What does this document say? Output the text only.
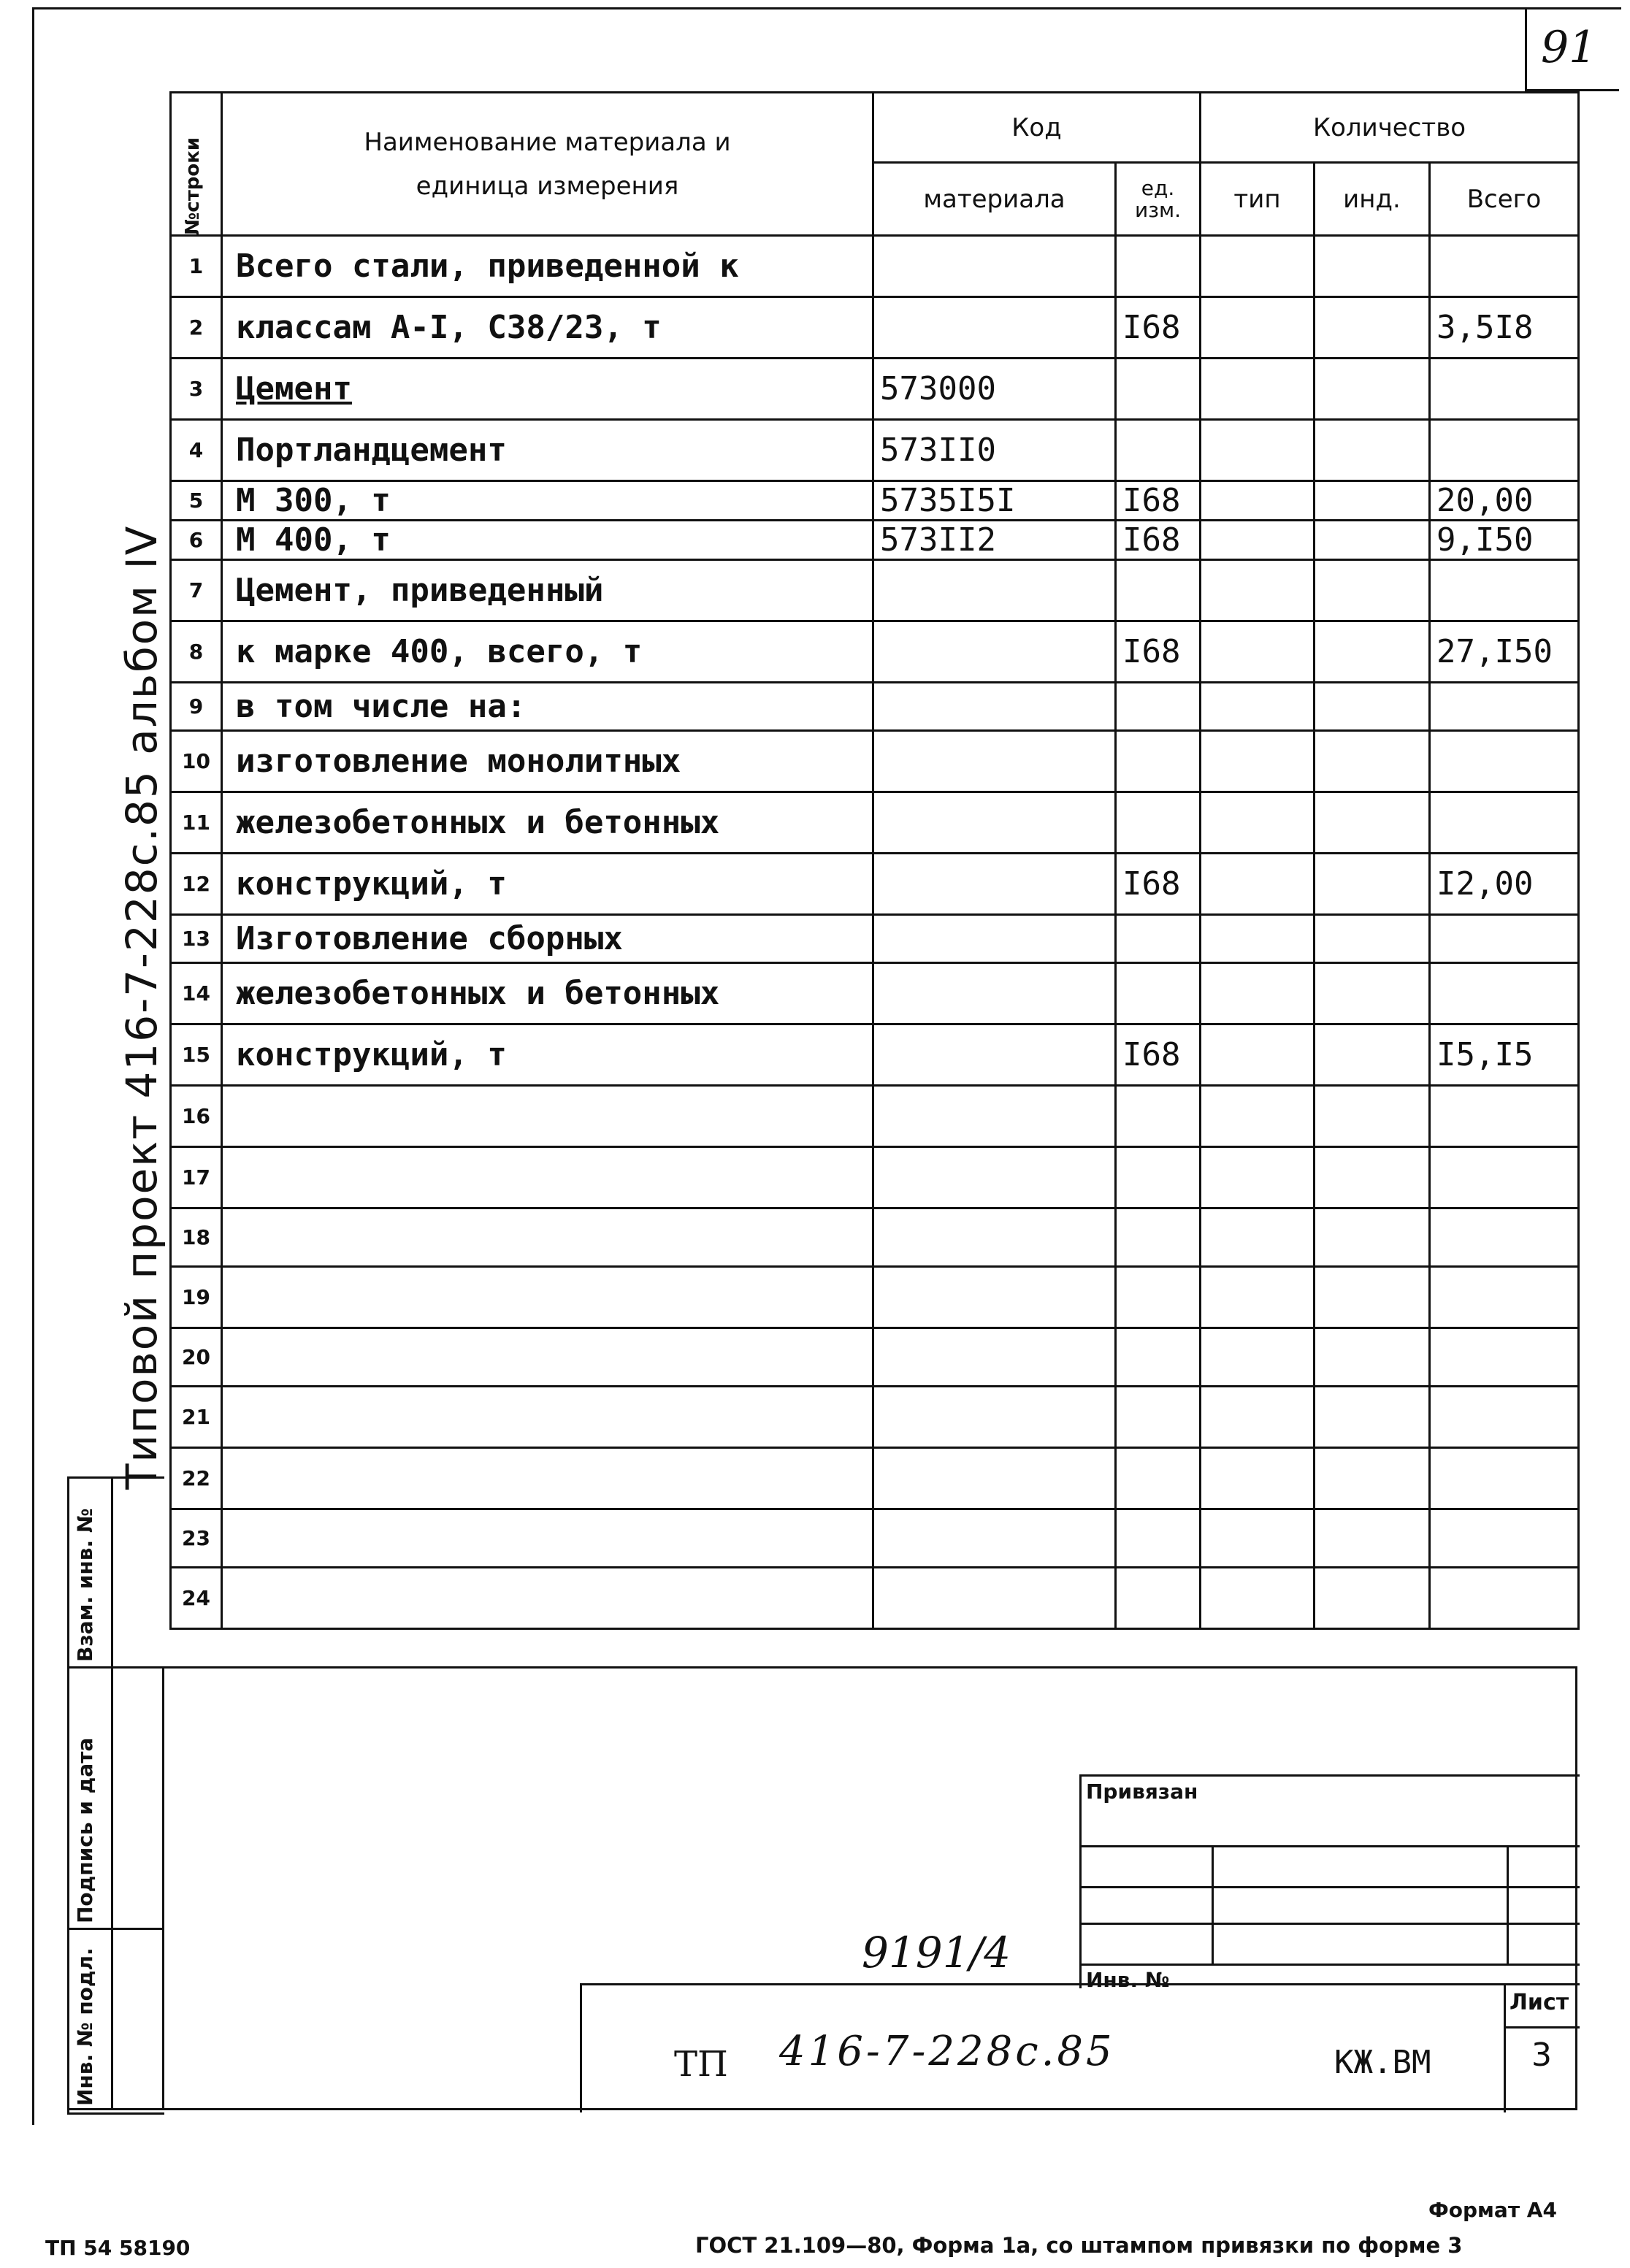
91
№строки	Наименование материала и единица измерения	Код		Количество		
		материала	ед. изм.	тип	инд.	Всего
1	Всего стали, приведенной к					
2	классам А-I, С38/23, т		I68			3,5I8
3	Цемент	573000				
4	Портландцемент	573II0				
5	М 300, т	5735I5I	I68			20,00
6	М 400, т	573II2	I68			9,I50
7	Цемент, приведенный					
8	к марке 400, всего, т		I68			27,I50
9	в том числе на:					
10	изготовление монолитных					
11	железобетонных и бетонных					
12	конструкций, т		I68			I2,00
13	Изготовление сборных					
14	железобетонных и бетонных					
15	конструкций, т		I68			I5,I5
16						
17						
18						
19						
20						
21						
22						
23						
24						
Типовой проект 416-7-228с.85 альбом IV
Взам. инв. №
Подпись и дата
Инв. № подл.
Привязан
Инв. №
9191/4
Лист
3
ТП 416-7-228с.85	КЖ.ВМ
ТП 54 58190
Формат А4
ГОСТ 21.109—80, Форма 1а, со штампом привязки по форме 3
